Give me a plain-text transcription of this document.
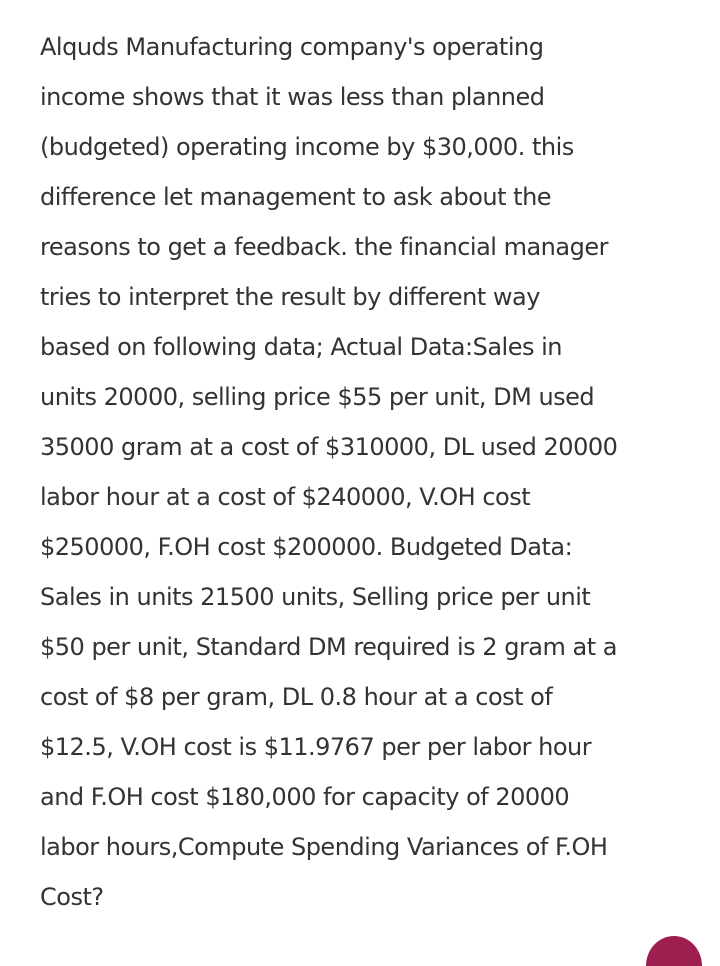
Alquds Manufacturing company's operating
income shows that it was less than planned
(budgeted) operating income by $30,000. this
difference let management to ask about the
reasons to get a feedback. the financial manager
tries to interpret the result by different way
based on following data; Actual Data:Sales in
units 20000, selling price $55 per unit, DM used
35000 gram at a cost of $310000, DL used 20000
labor hour at a cost of $240000, V.OH cost
$250000, F.OH cost $200000. Budgeted Data:
Sales in units 21500 units, Selling price per unit
$50 per unit, Standard DM required is 2 gram at a
cost of $8 per gram, DL 0.8 hour at a cost of
$12.5, V.OH cost is $11.9767 per per labor hour
and F.OH cost $180,000 for capacity of 20000
labor hours,Compute Spending Variances of F.OH
Cost?
